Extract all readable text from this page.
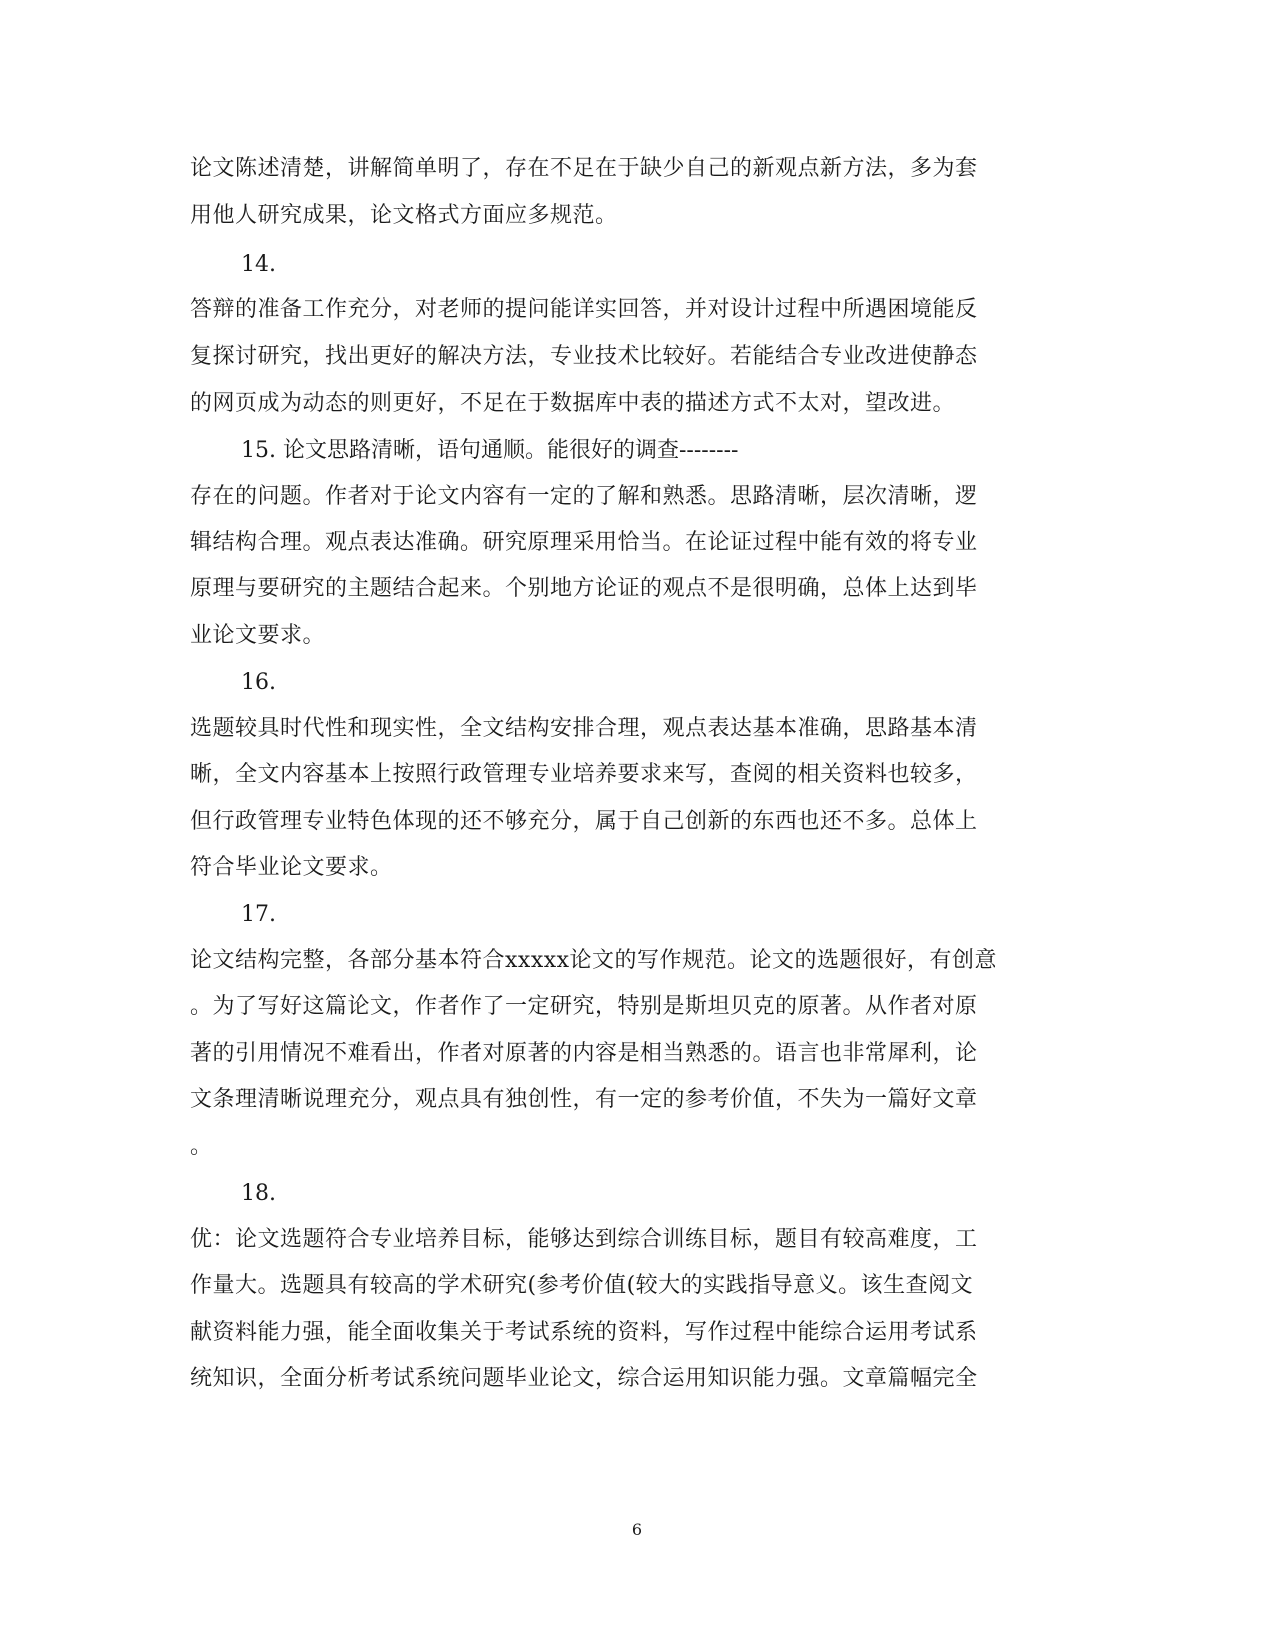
论文陈述清楚，讲解简单明了，存在不足在于缺少自己的新观点新方法，多为套
用他人研究成果，论文格式方面应多规范。
14.
答辩的准备工作充分，对老师的提问能详实回答，并对设计过程中所遇困境能反
复探讨研究，找出更好的解决方法，专业技术比较好。若能结合专业改进使静态
的网页成为动态的则更好，不足在于数据库中表的描述方式不太对，望改进。
15. 论文思路清晰，语句通顺。能很好的调查--------
存在的问题。作者对于论文内容有一定的了解和熟悉。思路清晰，层次清晰，逻
辑结构合理。观点表达准确。研究原理采用恰当。在论证过程中能有效的将专业
原理与要研究的主题结合起来。个别地方论证的观点不是很明确，总体上达到毕
业论文要求。
16.
选题较具时代性和现实性，全文结构安排合理，观点表达基本准确，思路基本清
晰，全文内容基本上按照行政管理专业培养要求来写，查阅的相关资料也较多，
但行政管理专业特色体现的还不够充分，属于自己创新的东西也还不多。总体上
符合毕业论文要求。
17.
论文结构完整，各部分基本符合xxxxx论文的写作规范。论文的选题很好，有创意
。为了写好这篇论文，作者作了一定研究，特别是斯坦贝克的原著。从作者对原
著的引用情况不难看出，作者对原著的内容是相当熟悉的。语言也非常犀利，论
文条理清晰说理充分，观点具有独创性，有一定的参考价值，不失为一篇好文章
。
18.
优：论文选题符合专业培养目标，能够达到综合训练目标，题目有较高难度，工
作量大。选题具有较高的学术研究(参考价值(较大的实践指导意义。该生查阅文
献资料能力强，能全面收集关于考试系统的资料，写作过程中能综合运用考试系
统知识，全面分析考试系统问题毕业论文，综合运用知识能力强。文章篇幅完全
6
